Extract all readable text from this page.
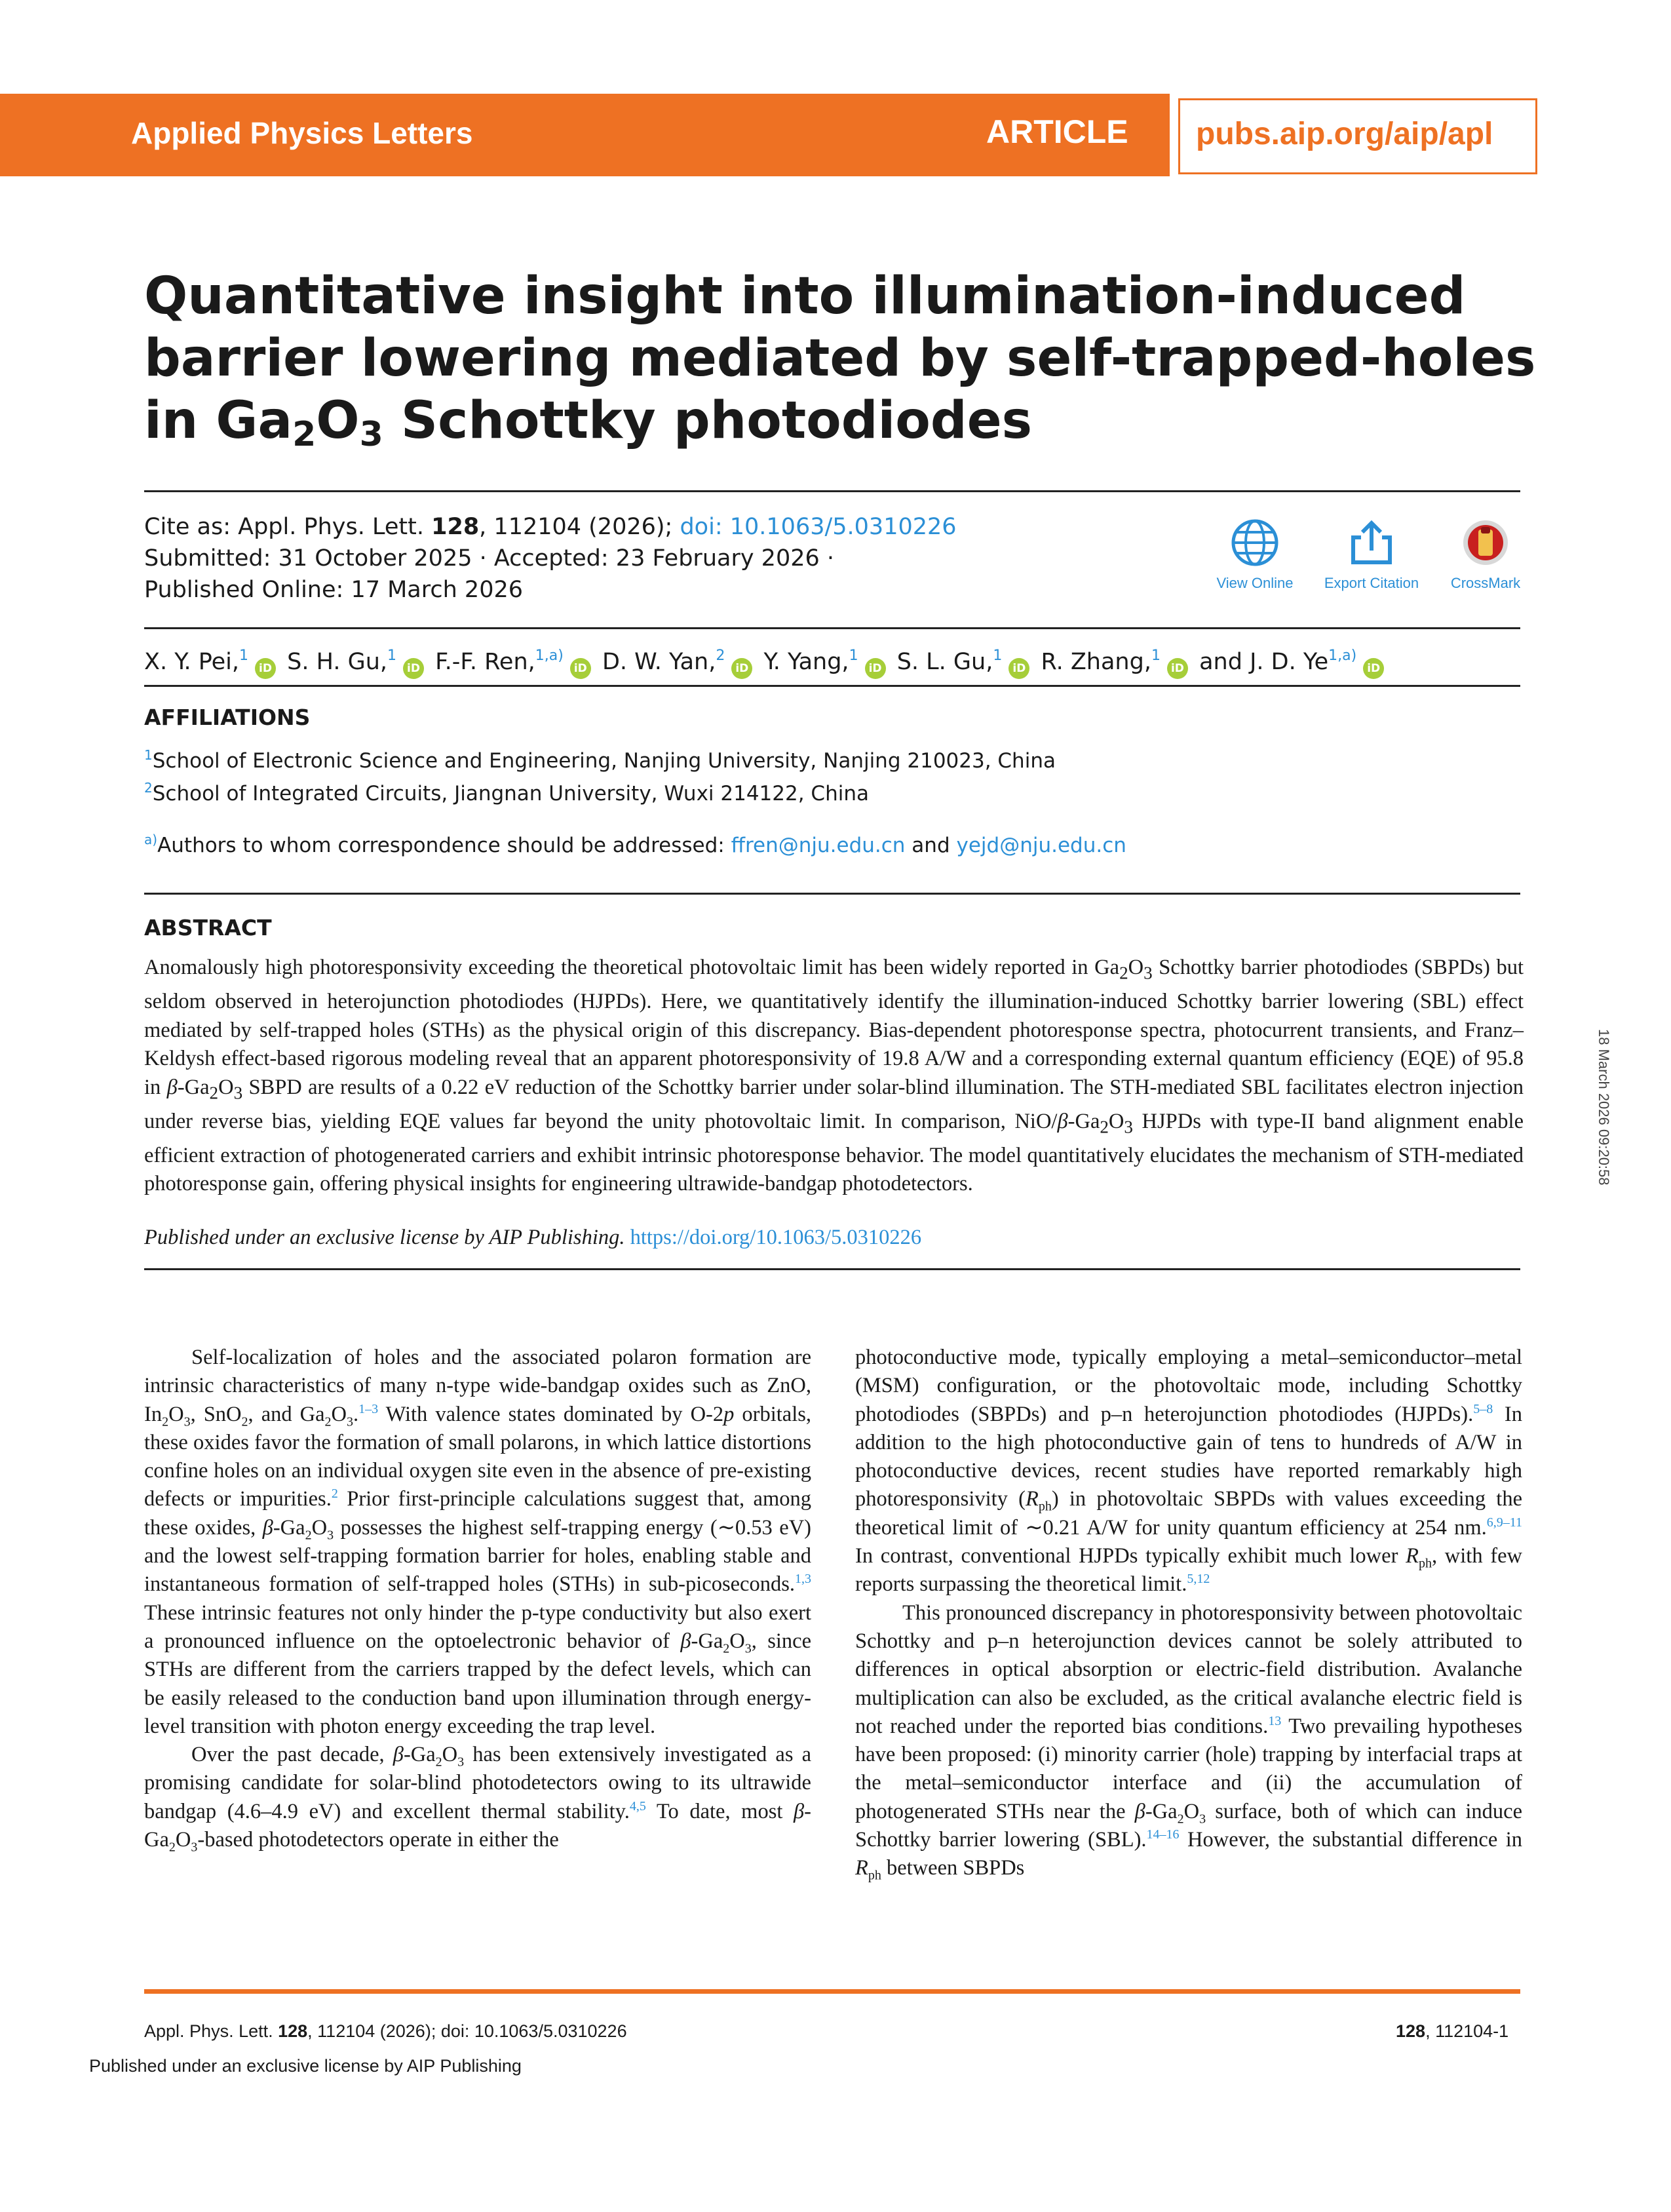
Applied Physics Letters	ARTICLE pubs.aip.org/aip/apl
Quantitative insight into illumination-induced
barrier lowering mediated by self-trapped-holes
in $Ga_2O_3$ Schottky photodiodes
Cite as: Appl. Phys. Lett. 128, 112104 (2026); doi: 10.1063/5.0310226
Submitted: 31 October 2025 · Accepted: 23 February 2026 ·
Published Online: 17 March 2026	View Online	Export Citation	CrossMark
X. Y. Pei,$^1$iD S. H. Gu,$^1$iD F.-F. Ren,$^{1,a)}$iD D. W. Yan,$^2$iD Y. Yang,$^1$iD S. L. Gu,$^1$iD R. Zhang,$^1$iD and J. D. Ye$^{1,a)}$iD
AFFILIATIONS
$^1$School of Electronic Science and Engineering, Nanjing University, Nanjing 210023, China
$^2$School of Integrated Circuits, Jiangnan University, Wuxi 214122, China
$^{a)}$Authors to whom correspondence should be addressed: ffren@nju.edu.cn and yejd@nju.edu.cn
ABSTRACT
Anomalously high photoresponsivity exceeding the theoretical photovoltaic limit has been widely reported in $Ga_2O_3$ Schottky barrier photodiodes (SBPDs) but seldom observed in heterojunction photodiodes (HJPDs). Here, we quantitatively identify the illumination-induced Schottky barrier lowering (SBL) effect mediated by self-trapped holes (STHs) as the physical origin of this discrepancy. Bias-dependent photoresponse spectra, photocurrent transients, and Franz–Keldysh effect-based rigorous modeling reveal that an apparent photoresponsivity of 19.8 A/W and a corresponding external quantum efficiency (EQE) of 95.8 in $\beta-Ga_2O_3$ SBPD are results of a 0.22 eV reduction of the Schottky barrier under solar-blind illumination. The STH-mediated SBL facilitates electron injection under reverse bias, yielding EQE values far beyond the unity photovoltaic limit. In comparison, NiO/$\beta-Ga_2O_3$ HJPDs with type-II band alignment enable efficient extraction of photogenerated carriers and exhibit intrinsic photoresponse behavior. The model quantitatively elucidates the mechanism of STH-mediated photoresponse gain, offering physical insights for engineering ultrawide-bandgap photodetectors.
Published under an exclusive license by AIP Publishing. https://doi.org/10.1063/5.0310226
18 March 2026 09:20:58

Self-localization of holes and the associated polaron formation are intrinsic characteristics of many n-type wide-bandgap oxides such as ZnO, $In_2O_3$, SnO$_2$, and $Ga_2O_3.^{1-3}$ With valence states dominated by O-2p orbitals, these oxides favor the formation of small polarons, in which lattice distortions confine holes on an individual oxygen site even in the absence of pre-existing defects or impurities.$^2$ Prior first-principle calculations suggest that, among these oxides, $\beta-Ga_2O_3$ possesses the highest self-trapping energy (∼0.53 eV) and the lowest self-trapping formation barrier for holes, enabling stable and instantaneous formation of self-trapped holes (STHs) in sub-picoseconds.$^{1,3}$ These intrinsic features not only hinder the p-type conductivity but also exert a pronounced influence on the optoelectronic behavior of $\beta-Ga_2O_3$, since STHs are different from the carriers trapped by the defect levels, which can be easily released to the conduction band upon illumination through energy-level transition with photon energy exceeding the trap level.

Over the past decade, $\beta-Ga_2O_3$ has been extensively investigated as a promising candidate for solar-blind photodetectors owing to its ultrawide bandgap (4.6–4.9 eV) and excellent thermal stability.$^{4,5}$ To date, most $\beta-Ga_2O_3$-based photodetectors operate in either the

photoconductive mode, typically employing a metal–semiconductor–metal (MSM) configuration, or the photovoltaic mode, including Schottky photodiodes (SBPDs) and p–n heterojunction photodiodes (HJPDs).$^{5-8}$ In addition to the high photoconductive gain of tens to hundreds of A/W in photoconductive devices, recent studies have reported remarkably high photoresponsivity $(R_{ph})$ in photovoltaic SBPDs with values exceeding the theoretical limit of ∼0.21 A/W for unity quantum efficiency at 254 nm.$^{6,9-11}$ In contrast, conventional HJPDs typically exhibit much lower $R_{ph}$, with few reports surpassing the theoretical limit.$^{5,12}$

This pronounced discrepancy in photoresponsivity between photovoltaic Schottky and p–n heterojunction devices cannot be solely attributed to differences in optical absorption or electric-field distribution. Avalanche multiplication can also be excluded, as the critical avalanche electric field is not reached under the reported bias conditions.$^{13}$ Two prevailing hypotheses have been proposed: (i) minority carrier (hole) trapping by interfacial traps at the metal–semiconductor interface and (ii) the accumulation of photogenerated STHs near the $\beta-Ga_2O_3$ surface, both of which can induce Schottky barrier lowering (SBL).$^{14-16}$ However, the substantial difference in $R_{ph}$ between SBPDs

Appl. Phys. Lett. 128, 112104 (2026); doi: 10.1063/5.0310226	128, 112104-1
Published under an exclusive license by AIP Publishing
